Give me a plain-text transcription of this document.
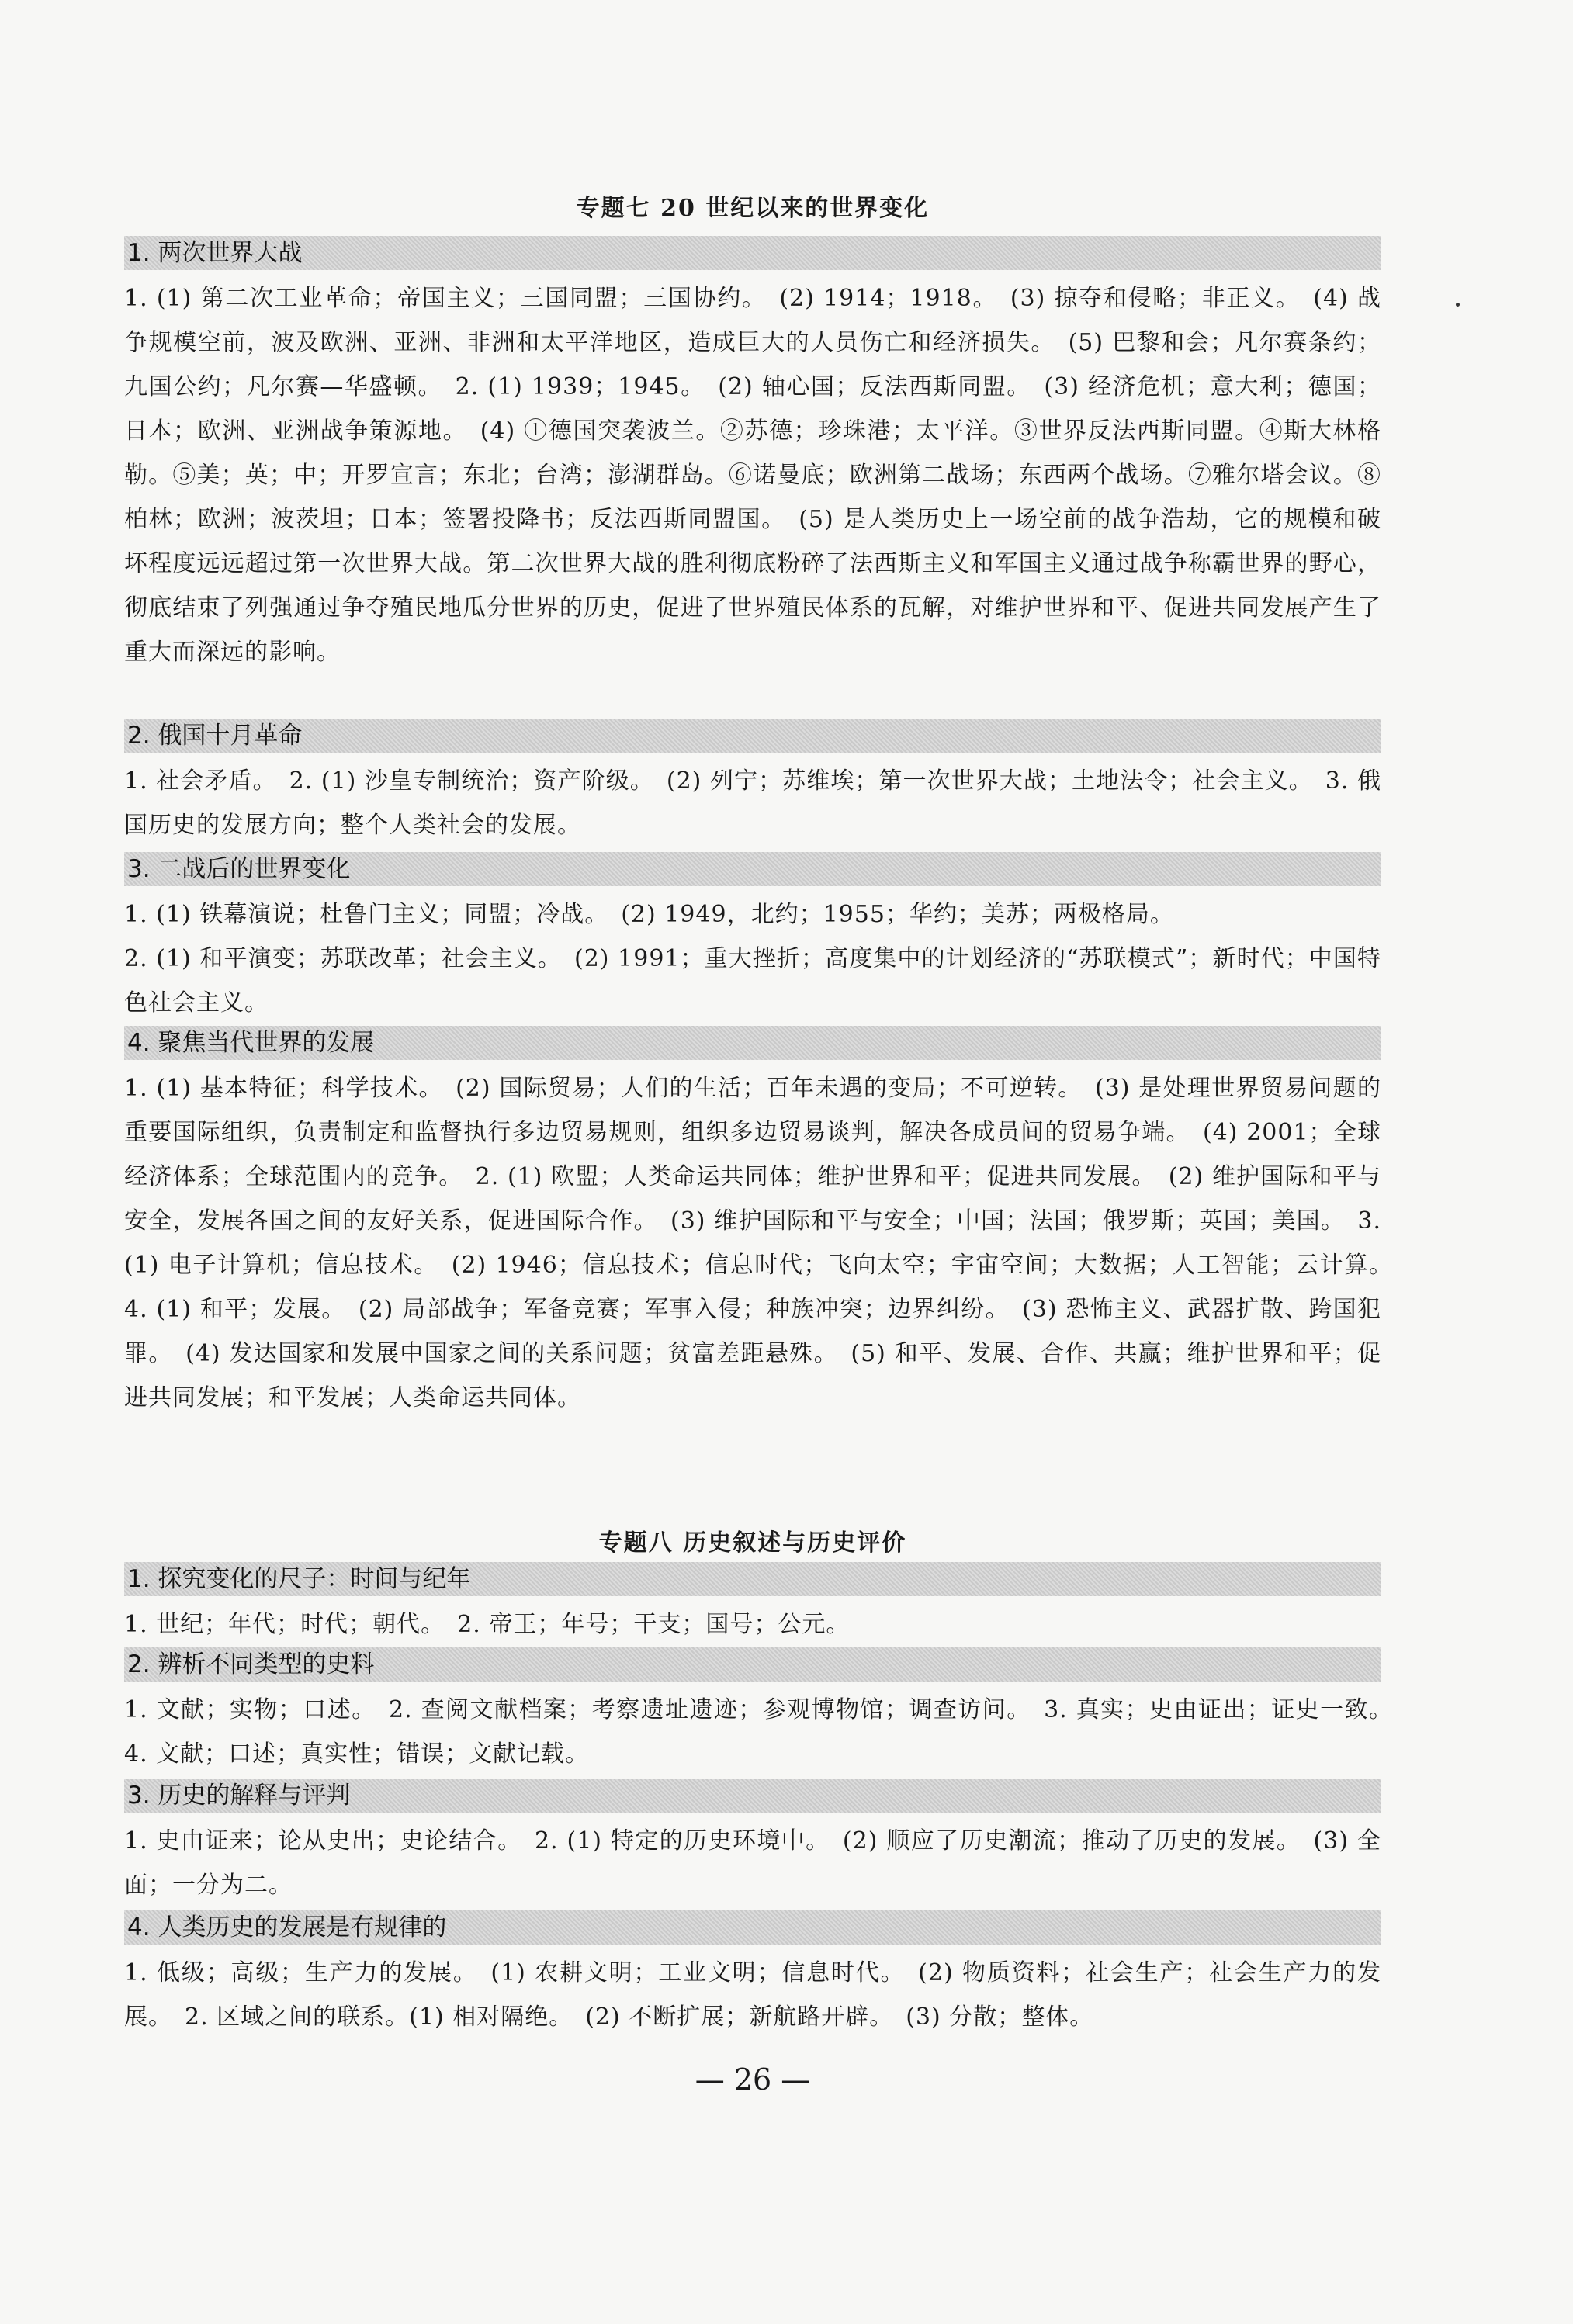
专题七 20 世纪以来的世界变化
1. 两次世界大战
1. (1) 第二次工业革命；帝国主义；三国同盟；三国协约。　(2) 1914；1918。　(3) 掠夺和侵略；非正义。　(4) 战争规模空前，波及欧洲、亚洲、非洲和太平洋地区，造成巨大的人员伤亡和经济损失。　(5) 巴黎和会；凡尔赛条约；九国公约；凡尔赛—华盛顿。　2. (1) 1939；1945。　(2) 轴心国；反法西斯同盟。　(3) 经济危机；意大利；德国；日本；欧洲、亚洲战争策源地。　(4) ①德国突袭波兰。②苏德；珍珠港；太平洋。③世界反法西斯同盟。④斯大林格勒。⑤美；英；中；开罗宣言；东北；台湾；澎湖群岛。⑥诺曼底；欧洲第二战场；东西两个战场。⑦雅尔塔会议。⑧柏林；欧洲；波茨坦；日本；签署投降书；反法西斯同盟国。　(5) 是人类历史上一场空前的战争浩劫，它的规模和破坏程度远远超过第一次世界大战。第二次世界大战的胜利彻底粉碎了法西斯主义和军国主义通过战争称霸世界的野心，彻底结束了列强通过争夺殖民地瓜分世界的历史，促进了世界殖民体系的瓦解，对维护世界和平、促进共同发展产生了重大而深远的影响。
2. 俄国十月革命
1. 社会矛盾。　2. (1) 沙皇专制统治；资产阶级。　(2) 列宁；苏维埃；第一次世界大战；土地法令；社会主义。　3. 俄国历史的发展方向；整个人类社会的发展。
3. 二战后的世界变化
1. (1) 铁幕演说；杜鲁门主义；同盟；冷战。　(2) 1949，北约；1955；华约；美苏；两极格局。
2. (1) 和平演变；苏联改革；社会主义。　(2) 1991；重大挫折；高度集中的计划经济的“苏联模式”；新时代；中国特色社会主义。
4. 聚焦当代世界的发展
1. (1) 基本特征；科学技术。　(2) 国际贸易；人们的生活；百年未遇的变局；不可逆转。　(3) 是处理世界贸易问题的重要国际组织，负责制定和监督执行多边贸易规则，组织多边贸易谈判，解决各成员间的贸易争端。　(4) 2001；全球经济体系；全球范围内的竞争。　2. (1) 欧盟；人类命运共同体；维护世界和平；促进共同发展。　(2) 维护国际和平与安全，发展各国之间的友好关系，促进国际合作。　(3) 维护国际和平与安全；中国；法国；俄罗斯；英国；美国。　3. (1) 电子计算机；信息技术。　(2) 1946；信息技术；信息时代；飞向太空；宇宙空间；大数据；人工智能；云计算。　4. (1) 和平；发展。　(2) 局部战争；军备竞赛；军事入侵；种族冲突；边界纠纷。　(3) 恐怖主义、武器扩散、跨国犯罪。　(4) 发达国家和发展中国家之间的关系问题；贫富差距悬殊。　(5) 和平、发展、合作、共赢；维护世界和平；促进共同发展；和平发展；人类命运共同体。
专题八 历史叙述与历史评价
1. 探究变化的尺子：时间与纪年
1. 世纪；年代；时代；朝代。　2. 帝王；年号；干支；国号；公元。
2. 辨析不同类型的史料
1. 文献；实物；口述。　2. 查阅文献档案；考察遗址遗迹；参观博物馆；调查访问。　3. 真实；史由证出；证史一致。　4. 文献；口述；真实性；错误；文献记载。
3. 历史的解释与评判
1. 史由证来；论从史出；史论结合。　2. (1) 特定的历史环境中。　(2) 顺应了历史潮流；推动了历史的发展。　(3) 全面；一分为二。
4. 人类历史的发展是有规律的
1. 低级；高级；生产力的发展。　(1) 农耕文明；工业文明；信息时代。　(2) 物质资料；社会生产；社会生产力的发展。　2. 区域之间的联系。(1) 相对隔绝。　(2) 不断扩展；新航路开辟。　(3) 分散；整体。
— 26 —
